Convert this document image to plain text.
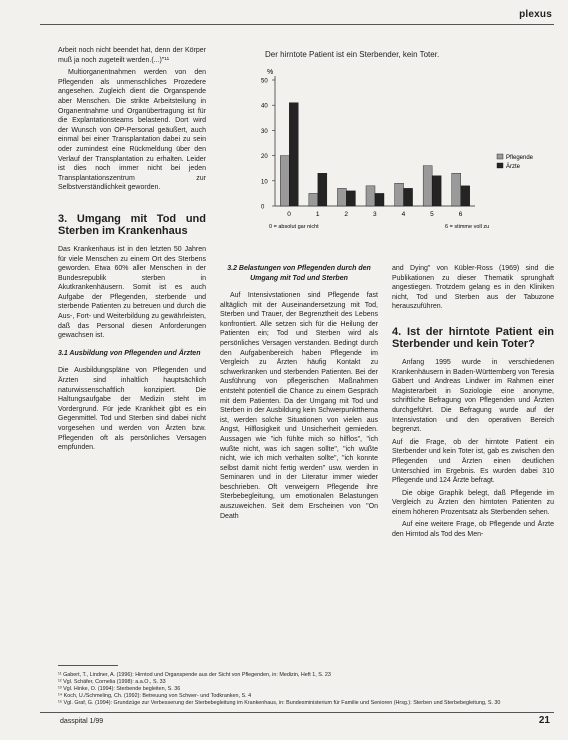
plexus

Arbeit noch nicht beendet hat, denn der Körper muß ja noch zugeteilt werden.(...)"¹¹

Multiorganentnahmen werden von den Pflegenden als unmenschliches Prozedere angesehen. Zugleich dient die Organspende aber Menschen. Die strikte Arbeitsteilung in Organentnahme und Organübertragung ist für die Explantationsteams belastend. Dort wird der Wunsch von OP-Personal geäußert, auch einmal bei einer Transplantation dabei zu sein oder zumindest eine Rückmeldung über den Verlauf der Transplantation zu erhalten. Leider ist dies noch immer nicht bei jeden Transplantationszentrum zur Selbstverständlichkeit geworden.

3. Umgang mit Tod und Sterben im Krankenhaus

Das Krankenhaus ist in den letzten 50 Jahren für viele Menschen zu einem Ort des Sterbens geworden. Etwa 60% aller Menschen in der Bundesrepublik sterben in Akutkrankenhäusern. Somit ist es auch Aufgabe der Pflegenden, sterbende und sterbende Patienten zu betreuen und durch die Aus-, Fort- und Weiterbildung zu gewährleisten, daß das Personal diesen Anforderungen gewachsen ist.

3.1 Ausbildung von Pflegenden und Ärzten

Die Ausbildungspläne von Pflegenden und Ärzten sind inhaltlich hauptsächlich naturwissenschaftlich konzipiert. Die Haltungsaufgabe der Medizin steht im Vordergrund. Für jede Krankheit gibt es ein Gegenmittel. Tod und Sterben sind dabei nicht vorgesehen und werden von Ärzten bzw. Pflegenden oft als persönliches Versagen empfunden.

Der hirntote Patient ist ein Sterbender, kein Toter.
%
0
10
20
30
40
50
0	1	2	3	4	5	6
0 = absolut gar nicht	6 = stimme voll zu
Pflegende
Ärzte
3.2 Belastungen von Pflegenden durch den Umgang mit Tod und Sterben

Auf Intensivstationen sind Pflegende fast alltäglich mit der Auseinandersetzung mit Tod, Sterben und Trauer, der Begrenztheit des Lebens konfrontiert. Alle setzen sich für die Heilung der Patienten ein; Tod und Sterben wird als persönliches Versagen verstanden. Bedingt durch den Aufgabenbereich haben Pflegende im Vergleich zu Ärzten häufig Kontakt zu schwerkranken und sterbenden Patienten. Bei der Ausführung von pflegerischen Maßnahmen entsteht potentiell die Chance zu einem Gespräch mit dem Patienten. Da der Umgang mit Tod und Sterben in der Ausbildung kein Schwerpunktthema ist, werden solche Situationen von vielen aus Angst, Hilflosigkeit und Unsicherheit gemieden. Aussagen wie "ich fühlte mich so hilflos", "ich wußte nicht, was ich sagen sollte", "ich wußte nicht, wie ich mich verhalten sollte", "ich konnte selbst damit nicht fertig werden" usw. werden in Seminaren und in der Literatur immer wieder beschrieben. Oft verweigern Pflegende ihre Sterbebegleitung, um emotionalen Belastungen auszuweichen. Seit dem Erscheinen von "On Death

and Dying" von Kübler-Ross (1969) sind die Publikationen zu dieser Thematik sprunghaft angestiegen. Trotzdem gelang es in den Kliniken nicht, Tod und Sterben aus der Tabuzone herauszuführen.

4. Ist der hirntote Patient ein Sterbender und kein Toter?

Anfang 1995 wurde in verschiedenen Krankenhäusern in Baden-Württemberg von Teresia Gäbert und Andreas Lindwer im Rahmen einer Magisterarbeit in Soziologie eine anonyme, schriftliche Befragung von Pflegenden und Ärzten durchgeführt. Die Befragung wurde auf der Intensivstation und den operativen Bereich begrenzt.

Auf die Frage, ob der hirntote Patient ein Sterbender und kein Toter ist, gab es zwischen den Pflegenden und Ärzten einen deutlichen Unterschied im Ergebnis. Es wurden dabei 310 Pflegende und 124 Ärzte befragt.

Die obige Graphik belegt, daß Pflegende im Vergleich zu Ärzten den hirntoten Patienten zu einem höheren Prozentsatz als Sterbenden sehen.

Auf eine weitere Frage, ob Pflegende und Ärzte den Hirntod als Tod des Men-

¹¹ Gabert, T., Lindner, A. (1996): Hirntod und Organspende aus der Sicht von Pflegenden, in: Medizin, Heft 1, S. 23
¹² Vgl. Schäfer, Cornelia (1998): a.a.O., S. 33
¹³ Vgl. Hinke, O. (1994): Sterbende begleiten, S. 36
¹⁴ Koch, U./Schmeling, Ch. (1992): Betreuung von Schwer- und Todkranken, S. 4
¹⁵ Vgl. Graf, G. (1994): Grundzüge zur Verbesserung der Sterbebegleitung im Krankenhaus, in: Bundesministerium für Familie und Senioren (Hrsg.): Sterben und Sterbebegleitung, S. 30
dasspital 1/99	21
